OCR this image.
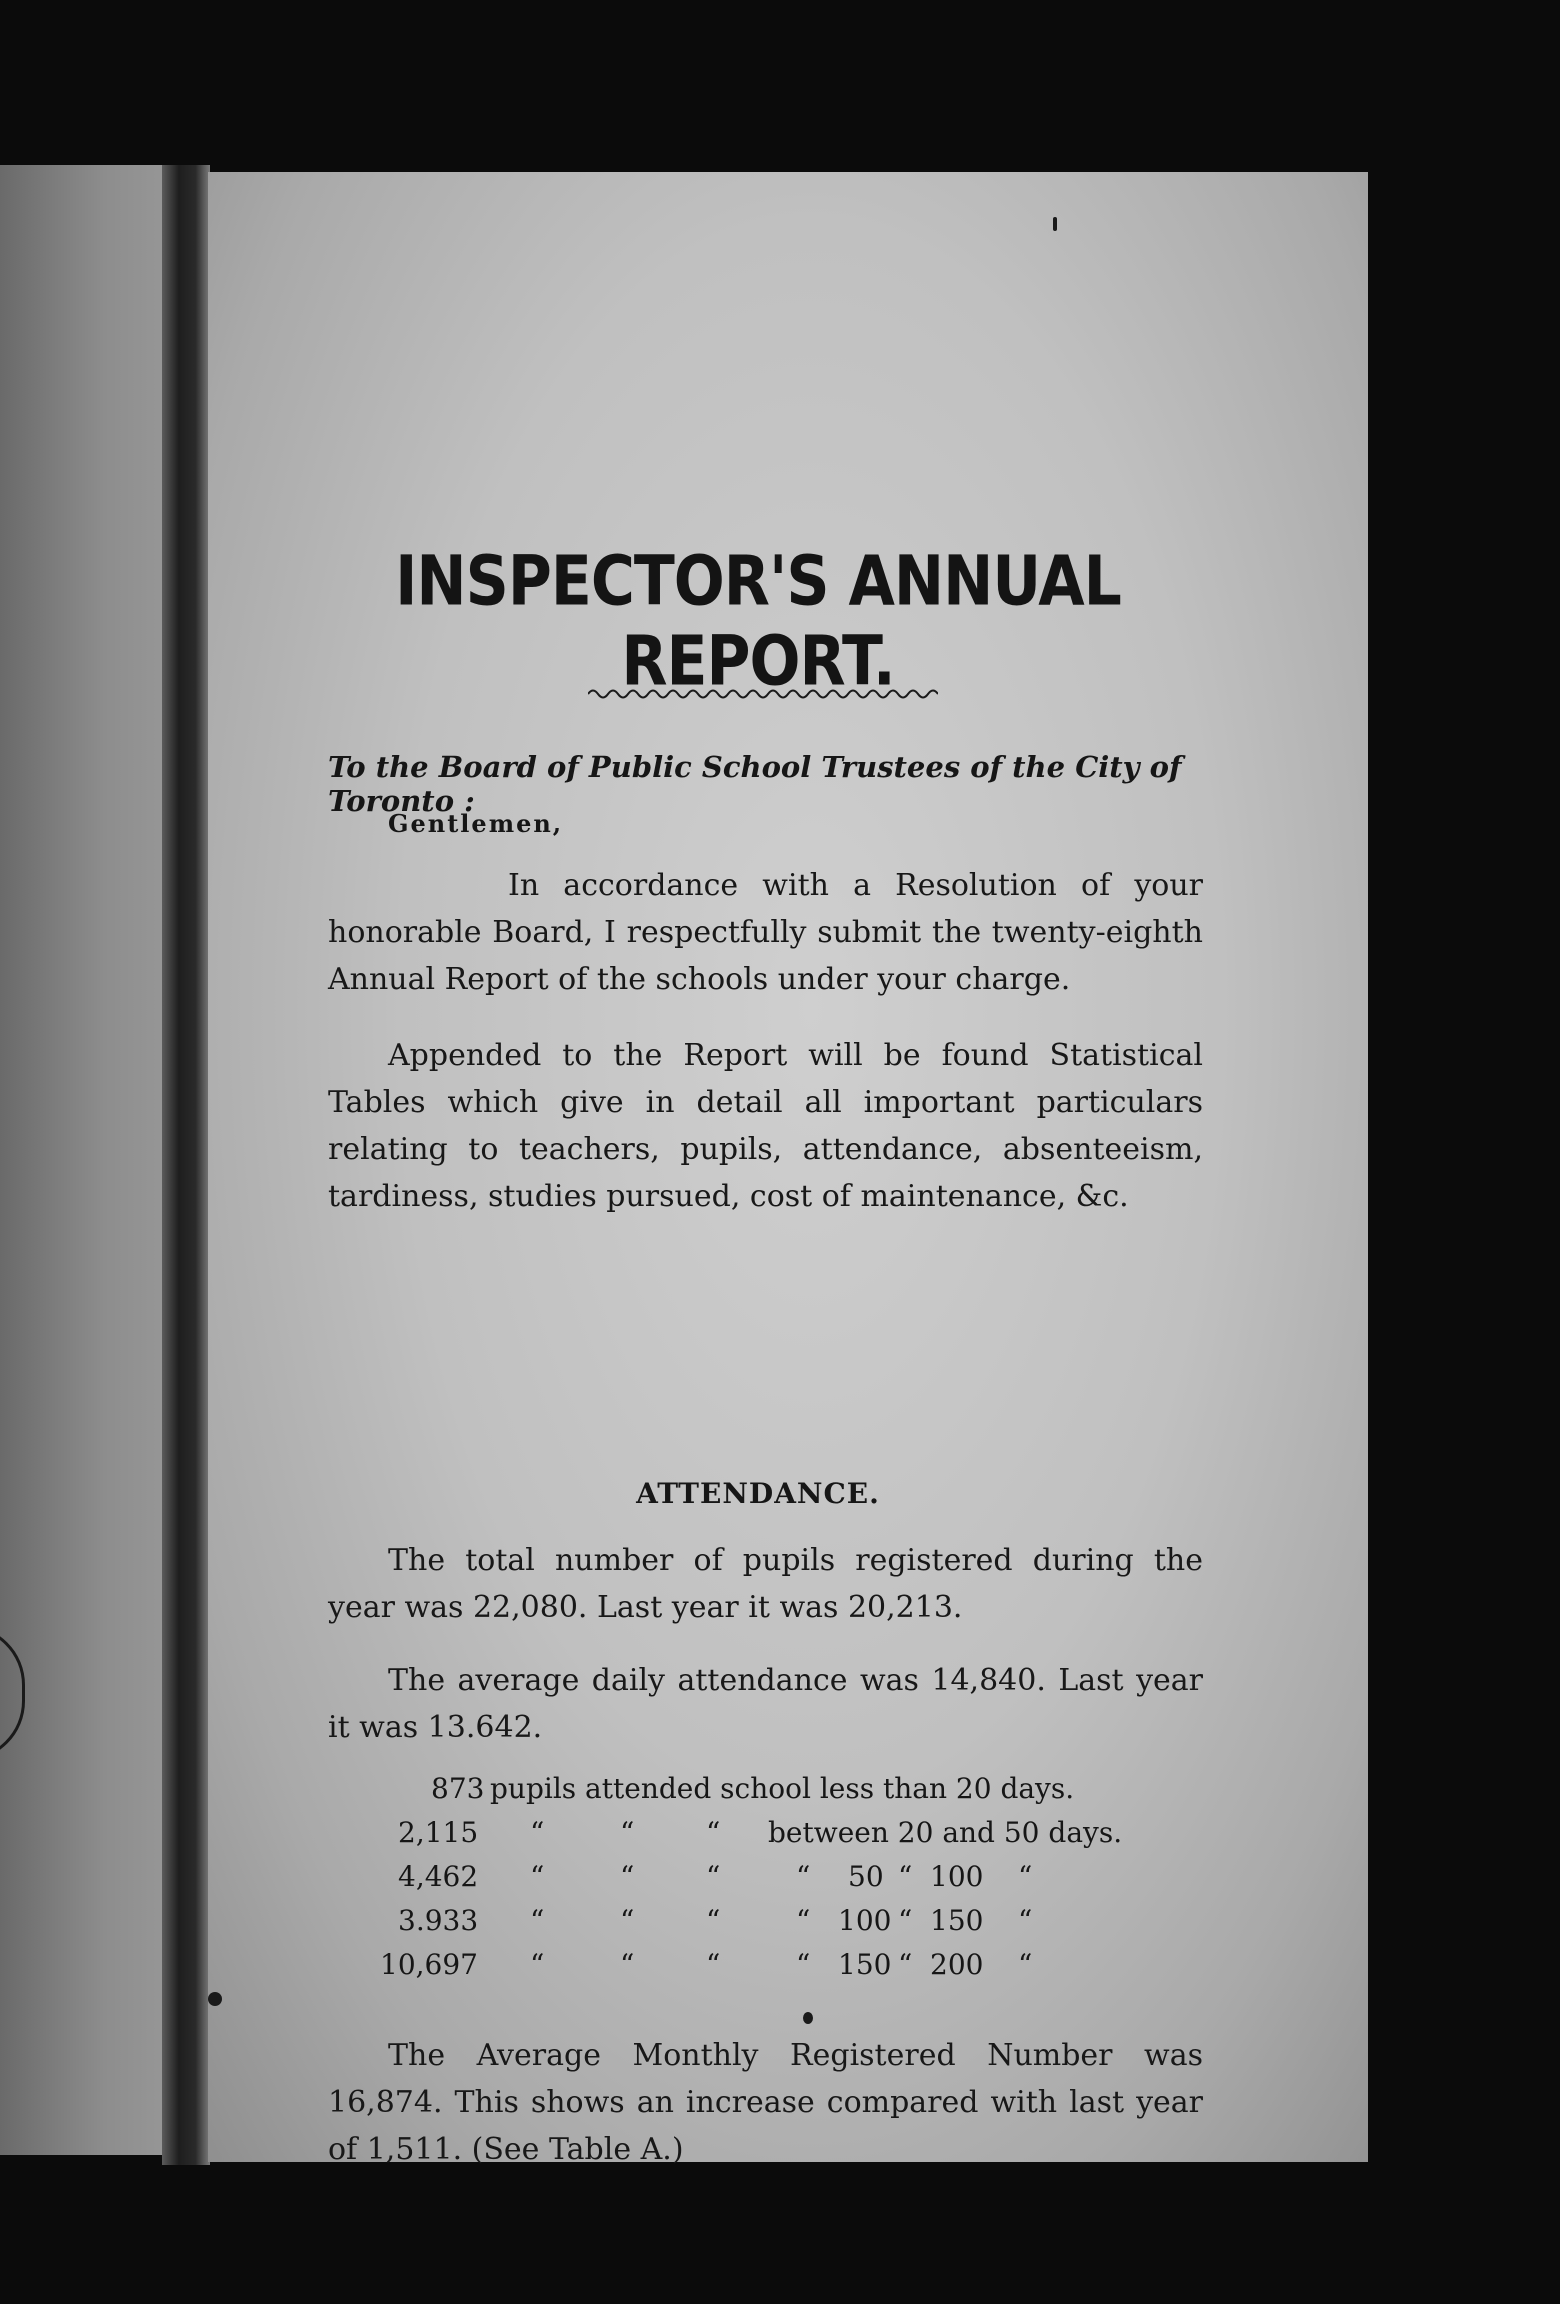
INSPECTOR'S ANNUAL REPORT.
To the Board of Public School Trustees of the City of Toronto :
Gentlemen,

In accordance with a Resolution of your honorable Board, I respectfully submit the twenty-eighth Annual Report of the schools under your charge.

Appended to the Report will be found Statistical Tables which give in detail all important particulars relating to teachers, pupils, attendance, absenteeism, tardiness, studies pursued, cost of maintenance, &c.

ATTENDANCE.

The total number of pupils registered during the year was 22,080. Last year it was 20,213.

The average daily attendance was 14,840. Last year it was 13.642.

873 pupils attended school less than 20 days.
2,115 “	“	“ between 20 and 50 days.
4,462 “	“	“	“ 50 “ 100 “
3.933 “	“	“	“ 100 “ 150 “
10,697 “	“	“	“ 150 “ 200 “

The Average Monthly Registered Number was 16,874. This shows an increase compared with last year of 1,511. (See Table A.)
